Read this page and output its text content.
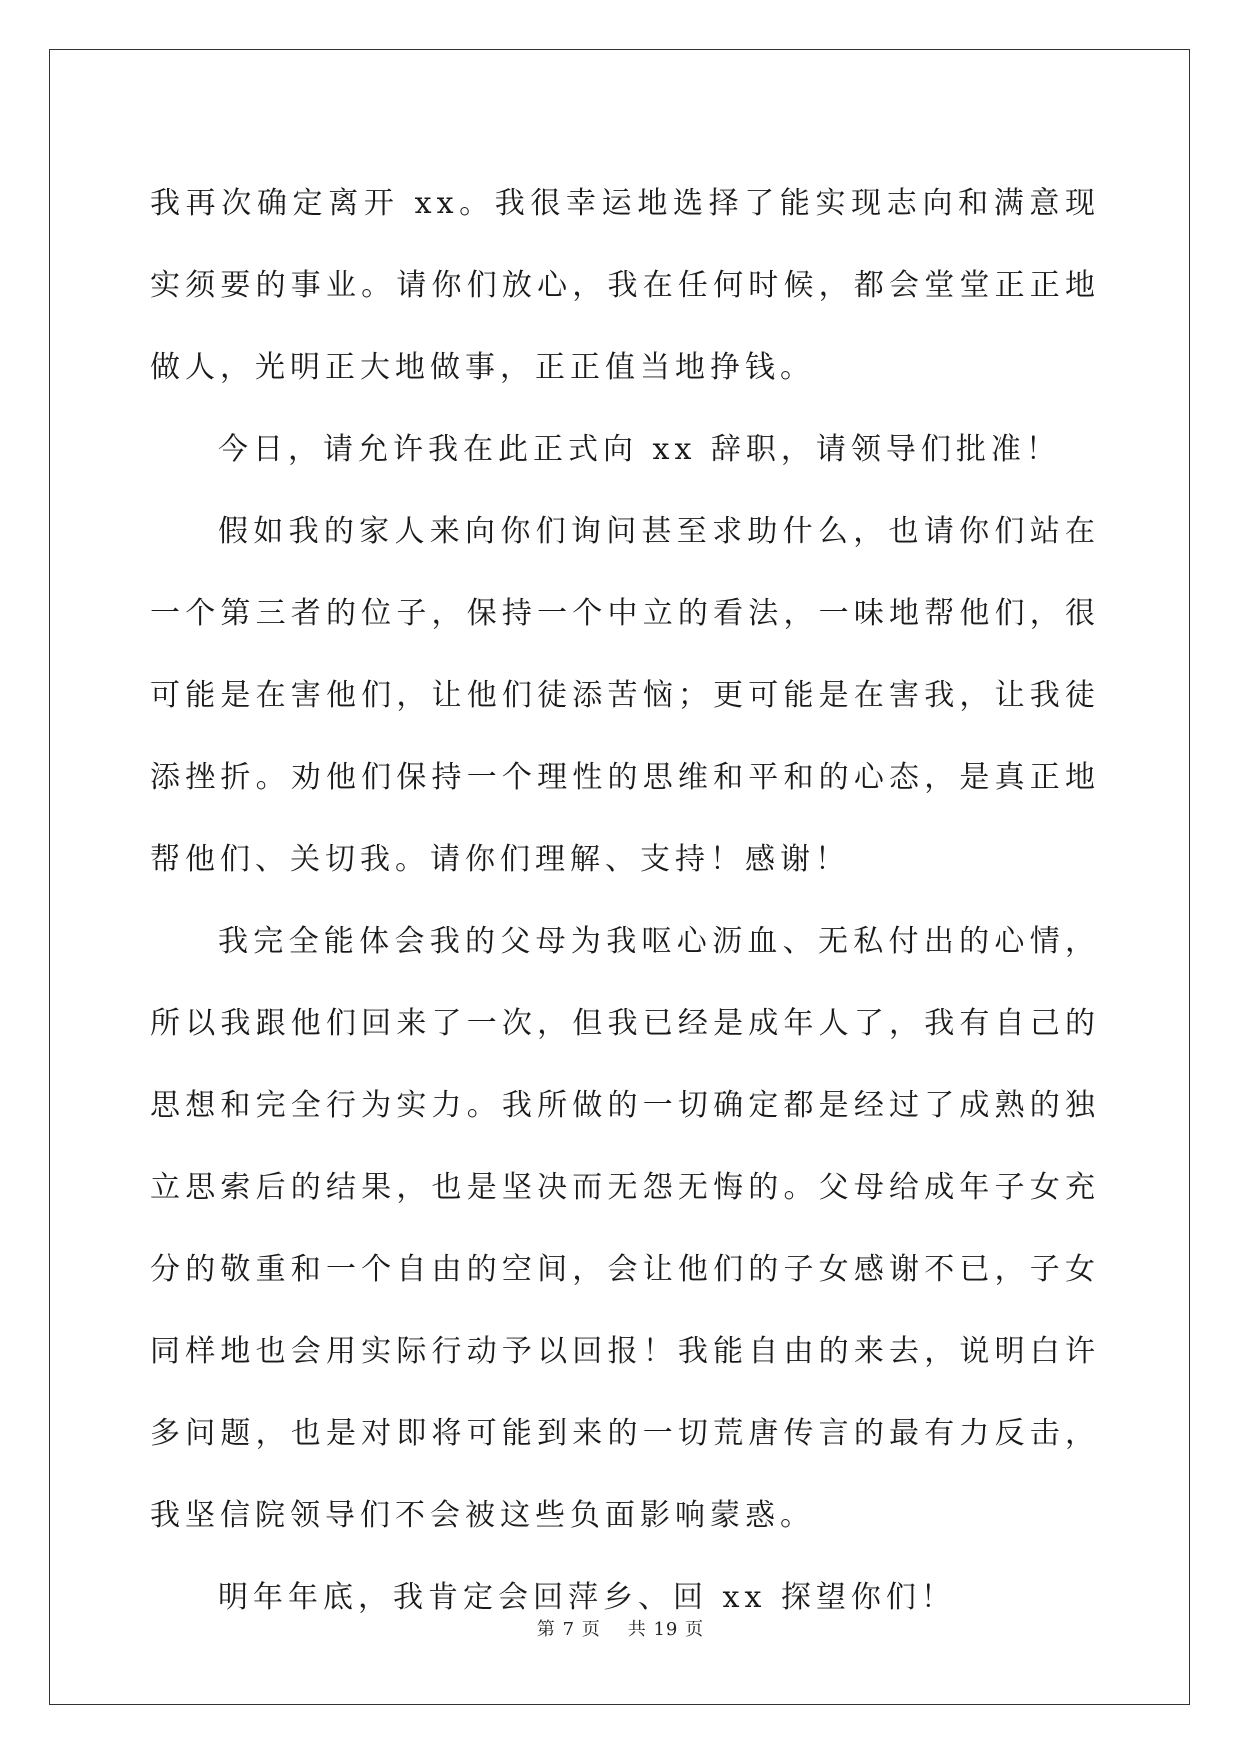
我再次确定离开 xx。我很幸运地选择了能实现志向和满意现实须要的事业。请你们放心，我在任何时候，都会堂堂正正地做人，光明正大地做事，正正值当地挣钱。

今日，请允许我在此正式向 xx 辞职，请领导们批准！

假如我的家人来向你们询问甚至求助什么，也请你们站在一个第三者的位子，保持一个中立的看法，一味地帮他们，很可能是在害他们，让他们徒添苦恼；更可能是在害我，让我徒添挫折。劝他们保持一个理性的思维和平和的心态，是真正地帮他们、关切我。请你们理解、支持！感谢！

我完全能体会我的父母为我呕心沥血、无私付出的心情，所以我跟他们回来了一次，但我已经是成年人了，我有自己的思想和完全行为实力。我所做的一切确定都是经过了成熟的独立思索后的结果，也是坚决而无怨无悔的。父母给成年子女充分的敬重和一个自由的空间，会让他们的子女感谢不已，子女同样地也会用实际行动予以回报！我能自由的来去，说明白许多问题，也是对即将可能到来的一切荒唐传言的最有力反击，我坚信院领导们不会被这些负面影响蒙惑。

明年年底，我肯定会回萍乡、回 xx 探望你们！

第 7 页 共 19 页
